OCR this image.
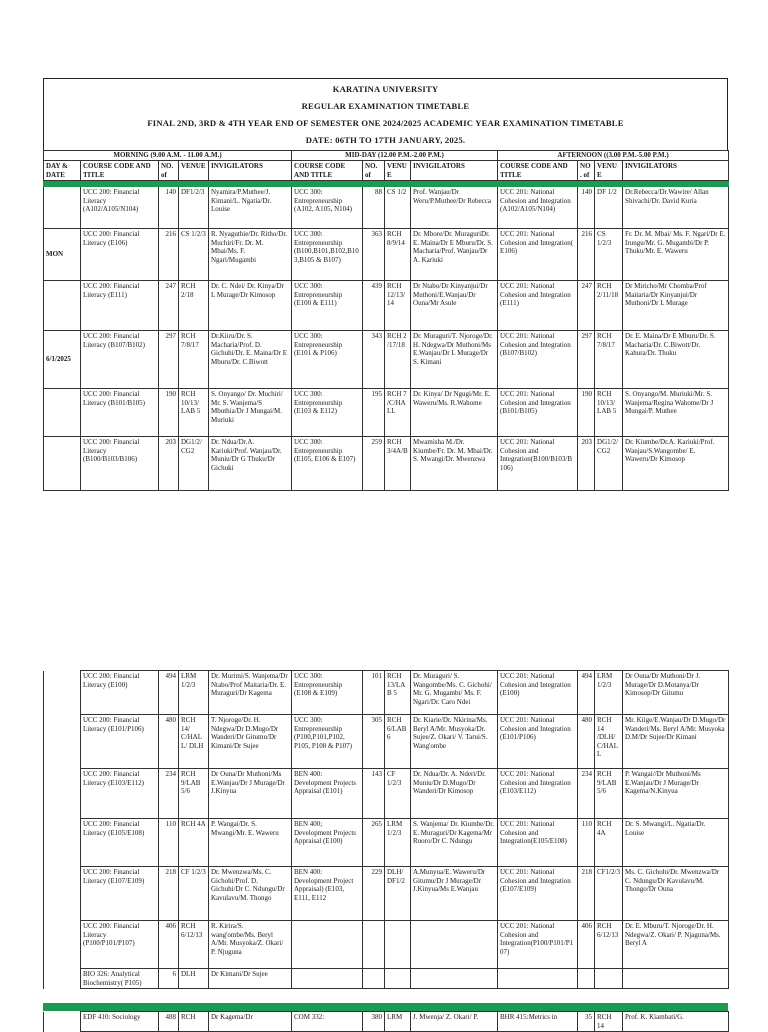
KARATINA UNIVERSITY
REGULAR EXAMINATION TIMETABLE
FINAL 2ND, 3RD & 4TH YEAR END OF SEMESTER ONE 2024/2025 ACADEMIC YEAR EXAMINATION TIMETABLE
DATE: 06TH TO 17TH JANUARY, 2025.
MORNING (9.00 A.M. - 11.00 A.M.)					MID-DAY (12.00 P.M.-2.00 P.M.)				AFTERNOON ((3.00 P.M.-5.00 P.M.)			
DAY & DATE	COURSE CODE AND TITLE	NO. of	VENUE	INVIGILATORS	COURSE CODE AND TITLE	NO. of	VENU E	INVIGILATORS	COURSE CODE AND TITLE	NO. of	VENUE	INVIGILATORS

	UCC 200: Financial Literacy (A102/A105/N104)	140	DF1/2/3	Nyamira/P.Muthee/J. Kimani/L. Ngatia/Dr. Louise	UCC 300: Entrepreneurship (A102, A105, N104)	88	CS 1/2	Prof. Wanjau/Dr Weru/P.Muthee/Dr Rebecca	UCC 201: National Cohesion and Integration (A102/A105/N104)	140	DF 1/2	Dr.Rebecca/Dr.Wawire/ Allan Shivachi/Dr. David Kuria
MON	UCC 200: Financial Literacy (E106)	216	CS 1/2/3	R. Nyaguthie/Dr. Ritho/Dr. Muchiri/Fr. Dr. M. Mbai/Ms. F. Ngari/Mugambi	UCC 300: Entrepreneurship (B100,B101,B102,B103,B105 & B107)	363	RCH 8/9/14	Dr. Mbore/Dr. MuraguriDr. E. Maina/Dr E Mburu/Dr. S. Macharia/Prof. Wanjau/Dr A. Kariuki	UCC 201: National Cohesion and Integration( E106)	216	CS 1/2/3	Fr. Dr. M. Mbai/ Ms. F. Ngari/Dr E. Irungu/Mr. G. Mugambi/Dr P. Thuku/Mr. E. Waweru
	UCC 200: Financial Literacy (E111)	247	RCH 2/18	Dr. C. Ndei/ Dr. Kinya/Dr L Murage/Dr Kimosop	UCC 300: Entrepreneurship (E100 & E111)	439	RCH 12/13/14	Dr Ntabo/Dr Kinyanjui/Dr Muthoni/E.Wanjau/Dr Ouna/Mr Asule	UCC 201: National Cohesion and Integration (E111)	247	RCH 2/11/18	Dr Miricho/Mr Chomba/Prof Maitaria/Dr Kinyanjui/Dr Muthoni/Dr L Murage
6/1/2025	UCC 200: Financial Literacy (B107/B102)	297	RCH 7/8/17	Dr.Kiiru/Dr. S. Macharia/Prof. D. Gichuhi/Dr. E. Maina/Dr E Mburu/Dr. C.Biwott	UCC 300: Entrepreneurship (E101 & P106)	343	RCH 2 /17/18	Dr. Muraguri/T. Njoroge/Dr. H. Ndegwa/Dr Muthoni/Ms E.Wanjau/Dr L Murage/Dr S. Kimani	UCC 201: National Cohesion and Integration (B107/B102)	297	RCH 7/8/17	Dr. E. Maina/Dr E Mburu/Dr. S. Macharia/Dr. C.Biwott/Dr. Kahura/Dr. Thuku
	UCC 200: Financial Literacy (B101/B105)	190	RCH 10/13/ LAB 5	S. Onyango/ Dr. Muchiri/ Mr. S. Wanjema/S Mbuthia/Dr J Mungai/M. Muriuki	UCC 300: Entrepreneurship (E103 & E112)	195	RCH 7 /C/HALL	Dr. Kinya/ Dr Ngugi/Mr. E. Waweru/Ms. R.Wahome	UCC 201: National Cohesion and Integration (B101/B105)	190	RCH 10/13/ LAB 5	S. Onyango/M. Muriuki/Mr. S. Wanjema/Regina Wahome/Dr J Mungai/P. Muthee
	UCC 200: Financial Literacy (B100/B103/B106)	203	DG1/2/CG2	Dr. Ndua/Dr.A. Kariuki/Prof. Wanjau/Dr. Muniu/Dr G Thuku/Dr Gichuki	UCC 300: Entrepreneurship (E105, E106 & E107)	259	RCH 3/4A/B	Mwamisha M./Dr. Kiumbe/Fr. Dr. M. Mbai/Dr. S. Mwangi/Dr. Mwenzwa	UCC 201: National Cohesion and Integration(B100/B103/B106)	203	DG1/2/CG2	Dr. Kiumbe/Dr.A. Kariuki/Prof. Wanjau/S.Wangombe/ E. Waweru/Dr Kimosop
	UCC 200: Financial Literacy (E100)	494	LRM 1/2/3	Dr. Murimi/S. Wanjema/Dr Ntabo/Prof Maitaria/Dr. E. Muraguri/Dr Kagema	UCC 300: Entrepreneurship (E108 & E109)	101	RCH 13/LAB 5	Dr. Muraguri/ S. Wangombe/Ms. C. Gichohi/ Mr. G. Mugambi/ Ms. F. Ngari/Dr. Caro Ndei	UCC 201: National Cohesion and Integration (E100)	494	LRM 1/2/3	Dr Ouna/Dr Muthoni/Dr J. Murage/Dr D.Motanya/Dr Kimosop/Dr Gitumu
	UCC 200: Financial Literacy (E101/P106)	480	RCH 14/ C/HAL L/ DLH	T. Njoroge/Dr. H. Ndegwa/Dr D.Mugo/Dr Wanderi/Dr Gitumu/Dr Kimani/Dr Sujee	UCC 300: Entrepreneurship (P100,P101,P102, P105, P108 & P107)	305	RCH 6/LAB 6	Dr. Kiarie/Dr. Nkirina/Ms. Beryl A/Mr. Musyoka/Dr. Sujee/Z. Okari/ V. Tarui/S. Wang'ombe	UCC 201: National Cohesion and Integration (E101/P106)	480	RCH 14 /DLH/ C/HALL	Mr. Kiige/E.Wanjau/Dr D.Mugo/Dr Wanderi/Ms. Beryl A/Mr. Musyoka D.M/Dr Sujee/Dr Kimani
	UCC 200: Financial Literacy (E103/E112)	234	RCH 9/LAB 5/6	Dr Ouna/Dr Muthoni/Ms E.Wanjau/Dr J Murage/Dr J.Kinyua	BEN 400: Development Projects Appraisal (E101)	143	CF 1/2/3	Dr. Ndua/Dr. A. Nderi/Dr. Muniu/Dr D.Mugo/Dr Wanderi/Dr Kimosop	UCC 201: National Cohesion and Integration (E103/E112)	234	RCH 9/LAB 5/6	P. Wangai//Dr Muthoni/Ms E.Wanjau/Dr J Murage/Dr Kagema/N.Kinyua
	UCC 200: Financial Literacy (E105/E108)	110	RCH 4A	P. Wangai/Dr. S. Mwangi/Mr. E. Waweru	BEN 400; Development Projects Appraisal (E100)	265	LRM 1/2/3	S. Wanjema/ Dr. Kiumbe/Dr. E. Muraguri/Dr Kagema/Mr Ruoro/Dr C. Ndungu	UCC 201: National Cohesion and Integration(E105/E108)	110	RCH 4A	Dr. S. Mwangi/L. Ngatia/Dr. Louise
	UCC 200: Financial Literacy (E107/E109)	218	CF 1/2/3	Dr. Mwenzwa/Ms. C. Gichohi/Prof. D. Gichuhi/Dr C. Ndungu/Dr Kavulavu/M. Thongo	BEN 400: Development Project Appraisal) (E103, E111, E112	229	DLH/ DF1/2	A.Munyua/E. Waweru/Dr Gitumu/Dr J Murage/Dr J.Kinyua/Ms E.Wanjau	UCC 201: National Cohesion and Integration (E107/E109)	218	CF1/2/3	Ms. C. Gichohi/Dr. Mwenzwa/Dr C. Ndungu/Dr Kavulavu/M. Thongo/Dr Ouna
	UCC 200: Financial Literacy (P100/P101/P107)	406	RCH 6/12/13	R. Kirira/S. wang'ombe/Ms. Beryl A/Mr. Musyoka/Z. Okari/ P. Njuguna					UCC 201: National Cohesion and Integration(P100/P101/P107)	406	RCH 6/12/13	Dr. E. Mburu/T. Njoroge/Dr. H. Ndegwa/Z. Okari/ P. Njaguna/Ms. Beryl A
	BIO 326: Analytical Biochemistry( P105)	6	DLH	Dr Kimani/Dr Sujee								
	EDF 410: Sociology	488	RCH	Dr Kagema/Dr	COM 332:	380	LRM	J. Mwenja/ Z. Okari/ P.	BHR 415:Metrics in	35	RCH 14	Prof. K. Kiambati/G.
